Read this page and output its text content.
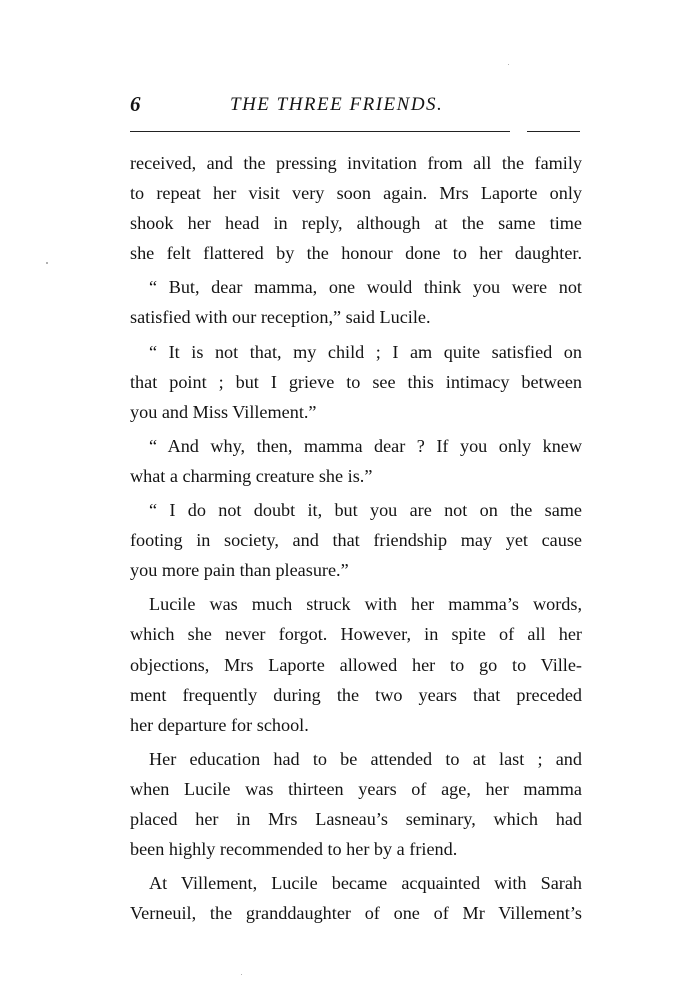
6	THE THREE FRIENDS.
received, and the pressing invitation from all the family
to repeat her visit very soon again. Mrs Laporte only
shook her head in reply, although at the same time
she felt flattered by the honour done to her daughter.
“ But, dear mamma, one would think you were not
satisfied with our reception,” said Lucile.
“ It is not that, my child ; I am quite satisfied on
that point ; but I grieve to see this intimacy between
you and Miss Villement.”
“ And why, then, mamma dear ? If you only knew
what a charming creature she is.”
“ I do not doubt it, but you are not on the same
footing in society, and that friendship may yet cause
you more pain than pleasure.”
Lucile was much struck with her mamma’s words,
which she never forgot. However, in spite of all her
objections, Mrs Laporte allowed her to go to Ville-
ment frequently during the two years that preceded
her departure for school.
Her education had to be attended to at last ; and
when Lucile was thirteen years of age, her mamma
placed her in Mrs Lasneau’s seminary, which had
been highly recommended to her by a friend.
At Villement, Lucile became acquainted with Sarah
Verneuil, the granddaughter of one of Mr Villement’s
